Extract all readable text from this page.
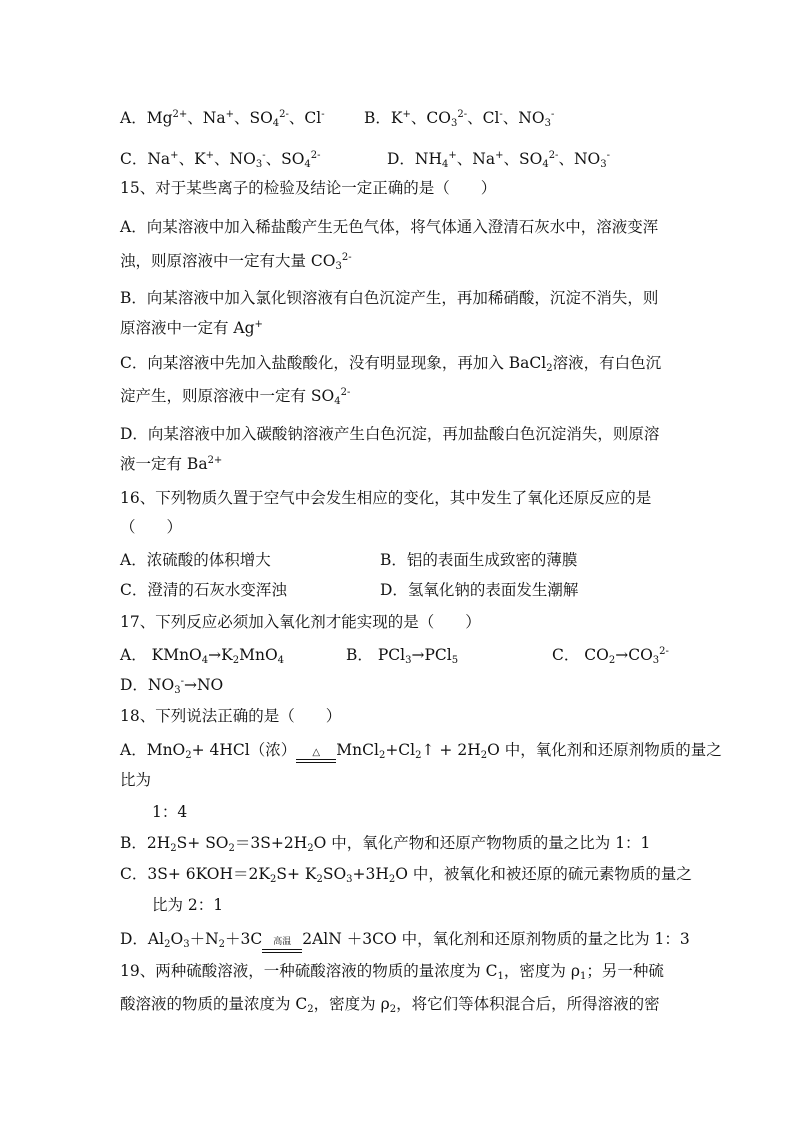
A．$Mg^{2+}$、Na+、$SO_4^{2-}$、Cl-	B．K+、$CO_3^{2-}$、Cl-、$NO_3^-$
C．Na+、K+、$NO_3^-$、$SO_4^{2-}$	D．$NH_4^+$、Na+、$SO_4^{2-}$、$NO_3^-$
15、对于某些离子的检验及结论一定正确的是（　　）
A．向某溶液中加入稀盐酸产生无色气体，将气体通入澄清石灰水中，溶液变浑
浊，则原溶液中一定有大量 $CO_3^{2-}$
B．向某溶液中加入氯化钡溶液有白色沉淀产生，再加稀硝酸，沉淀不消失，则
原溶液中一定有 Ag+
C．向某溶液中先加入盐酸酸化，没有明显现象，再加入 BaCl$_2$溶液，有白色沉
淀产生，则原溶液中一定有 $SO_4^{2-}$
D．向某溶液中加入碳酸钠溶液产生白色沉淀，再加盐酸白色沉淀消失，则原溶
液一定有 $Ba^{2+}$
16、下列物质久置于空气中会发生相应的变化，其中发生了氧化还原反应的是
（　　）
A．浓硫酸的体积增大	B．铝的表面生成致密的薄膜
C．澄清的石灰水变浑浊	D．氢氧化钠的表面发生潮解
17、下列反应必须加入氧化剂才能实现的是（　　）
A． $KMnO_4\to K_2MnO_4$	B． PCl$_3$→PCl$_5$	C． $CO_2\to CO_3^{2-}$
D．$NO_3^-\to NO$
18、下列说法正确的是（　　）
A．MnO$_2$+ 4HCl（浓）	△	$MnCl_2+Cl_2↑ + 2H_2O$ 中，氧化剂和还原剂物质的量之
比为
1：4
B．$2H_2S+ SO_2=3S+2H_2O$ 中，氧化产物和还原产物物质的量之比为 1：1
C．$3S+ 6KOH=2K_2S+ K_2SO_3+3H_2O$ 中，被氧化和被还原的硫元素物质的量之
比为 2：1
D．$Al_2O_3+N_2+3C$	高温 2AlN ＋3CO 中，氧化剂和还原剂物质的量之比为 1：3
19、两种硫酸溶液，一种硫酸溶液的物质的量浓度为 $C_1$，密度为 $\rho_1$；另一种硫
酸溶液的物质的量浓度为 $C_2$，密度为 $\rho_2$，将它们等体积混合后，所得溶液的密
